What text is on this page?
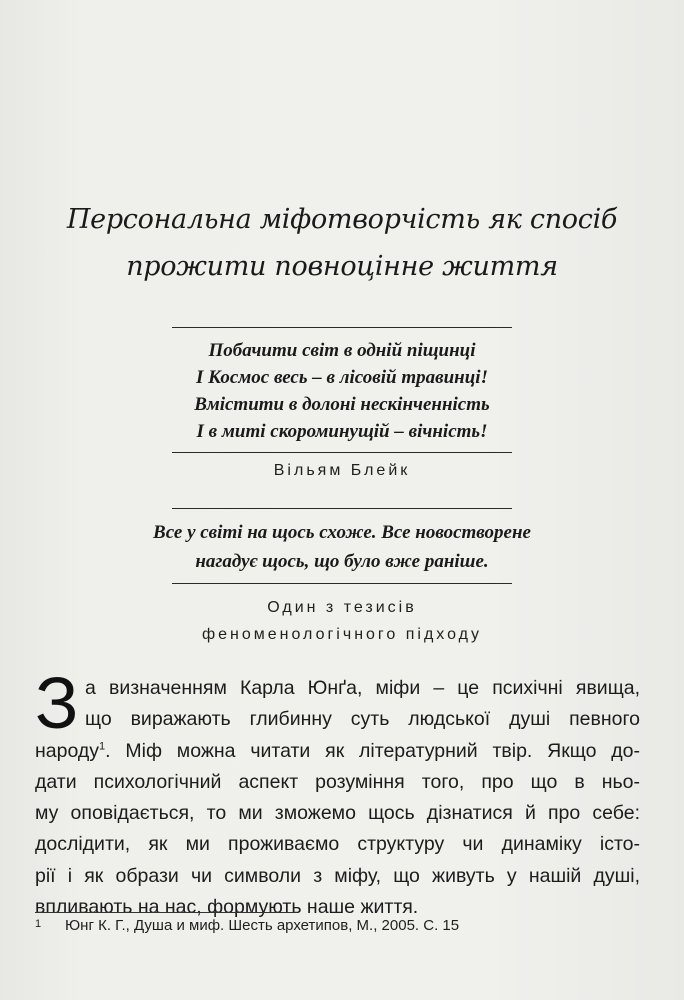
Персональна міфотворчість як спосіб
прожити повноцінне життя
Побачити світ в одній піщинці
І Космос весь – в лісовій травинці!
Вмістити в долоні нескінченність
І в миті скороминущій – вічність!
Вільям Блейк
Все у світі на щось схоже. Все новостворене
нагадує щось, що було вже раніше.
Один з тезисів
феноменологічного підходу
З а визначенням Карла Юнґа, міфи – це психічні явища,
що виражають глибинну суть людської душі певного
народу$^1$. Міф можна читати як літературний твір. Якщо до-
дати психологічний аспект розуміння того, про що в ньо-
му оповідається, то ми зможемо щось дізнатися й про себе:
дослідити, як ми проживаємо структуру чи динаміку істо-
рії і як образи чи символи з міфу, що живуть у нашій душі,
впливають на нас, формують наше життя.
1 Юнг К. Г., Душа и миф. Шесть архетипов, М., 2005. С. 15
